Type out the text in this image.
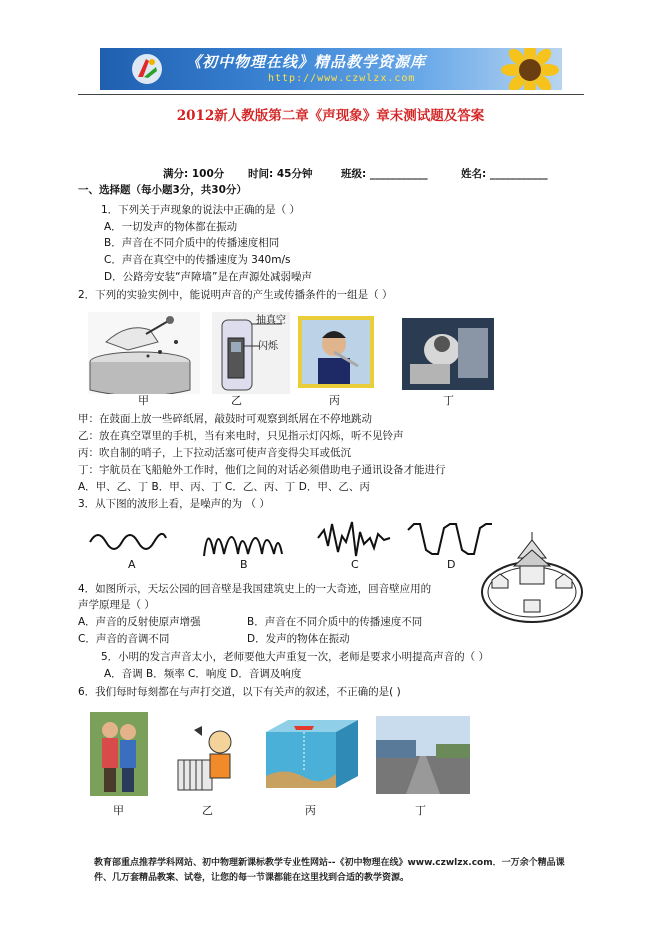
《初中物理在线》精品教学资源库
http://www.czwlzx.com
2012新人教版第二章《声现象》章末测试题及答案
满分: 100分 时间: 45分钟	班级: ___________	姓名: ___________
一、选择题（每小题3分，共30分）
1．下列关于声现象的说法中正确的是（ ）
A．一切发声的物体都在振动
B．声音在不同介质中的传播速度相同
C．声音在真空中的传播速度为 340m/s
D．公路旁安装“声障墙”是在声源处减弱噪声
2．下列的实验实例中，能说明声音的产生或传播条件的一组是（ ）
抽真空
闪烁
甲	乙	丙	丁
甲：在鼓面上放一些碎纸屑，敲鼓时可观察到纸屑在不停地跳动
乙：放在真空罩里的手机，当有来电时，只见指示灯闪烁，听不见铃声
丙：吹自制的哨子，上下拉动活塞可使声音变得尖耳或低沉
丁：宇航员在飞船舱外工作时，他们之间的对话必须借助电子通讯设备才能进行
A．甲、乙、丁 B．甲、丙、丁 C．乙、丙、丁 D．甲、乙、丙
3．从下图的波形上看，是噪声的为 （ ）
A	B	C	D
4．如图所示，天坛公园的回音壁是我国建筑史上的一大奇迹，回音壁应用的
声学原理是（ ）
A．声音的反射使原声增强	B．声音在不同介质中的传播速度不同
C．声音的音调不同	D．发声的物体在振动
5．小明的发言声音太小，老师要他大声重复一次，老师是要求小明提高声音的（ ）
A．音调 B．频率 C．响度 D．音调及响度
6．我们每时每刻都在与声打交道，以下有关声的叙述，不正确的是( )
甲	乙	丙	丁
教育部重点推荐学科网站、初中物理新课标教学专业性网站--《初中物理在线》www.czwlzx.com．一万余个精品课
件、几万套精品教案、试卷，让您的每一节课都能在这里找到合适的教学资源。
